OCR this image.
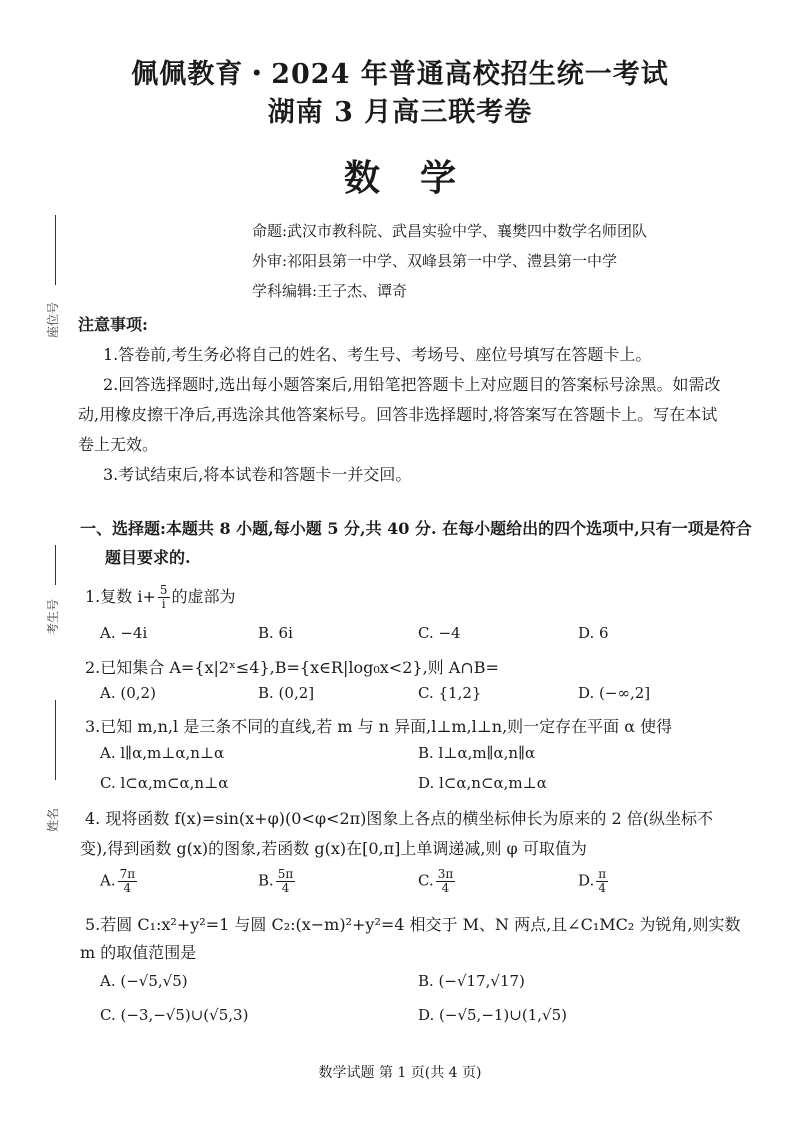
佩佩教育・2024 年普通高校招生统一考试
湖南 3 月高三联考卷
数学
命题:武汉市教科院、武昌实验中学、襄樊四中数学名师团队
外审:祁阳县第一中学、双峰县第一中学、澧县第一中学
学科编辑:王子杰、谭奇
座位号
考生号
姓名
注意事项:
1.答卷前,考生务必将自己的姓名、考生号、考场号、座位号填写在答题卡上。
2.回答选择题时,选出每小题答案后,用铅笔把答题卡上对应题目的答案标号涂黑。如需改
动,用橡皮擦干净后,再选涂其他答案标号。回答非选择题时,将答案写在答题卡上。写在本试
卷上无效。
3.考试结束后,将本试卷和答题卡一并交回。
一、选择题:本题共 8 小题,每小题 5 分,共 40 分. 在每小题给出的四个选项中,只有一项是符合
题目要求的.
1.复数 $i+ \frac{5}{i}$ 的虚部为
A. −4i	B. 6i	C. −4	D. 6
2.已知集合 A={x|2ˣ≤4},B={x∈R|log₀x<2},则 A∩B=
A. (0,2)	B. (0,2]	C. {1,2}	D. (−∞,2]
3.已知 m,n,l 是三条不同的直线,若 m 与 n 异面,l⊥m,l⊥n,则一定存在平面 α 使得
A. l∥α,m⊥α,n⊥α	B. l⊥α,m∥α,n∥α
C. l⊂α,m⊂α,n⊥α	D. l⊂α,n⊂α,m⊥α
4. 现将函数 f(x)=sin(x+φ)(0<φ<2π)图象上各点的横坐标伸长为原来的 2 倍(纵坐标不
变),得到函数 g(x)的图象,若函数 g(x)在[0,π]上单调递减,则 φ 可取值为
A. $\frac{7\pi}{4}$	B. $\frac{5\pi}{4}$	C. $\frac{3\pi}{4}$	D. $\frac{\pi}{4}$
5.若圆 C₁:x²+y²=1 与圆 C₂:(x−m)²+y²=4 相交于 M、N 两点,且∠C₁MC₂ 为锐角,则实数
m 的取值范围是
A. (−√5,√5)	B. (−√17,√17)
C. (−3,−√5)∪(√5,3)	D. (−√5,−1)∪(1,√5)
数学试题 第 1 页(共 4 页)
